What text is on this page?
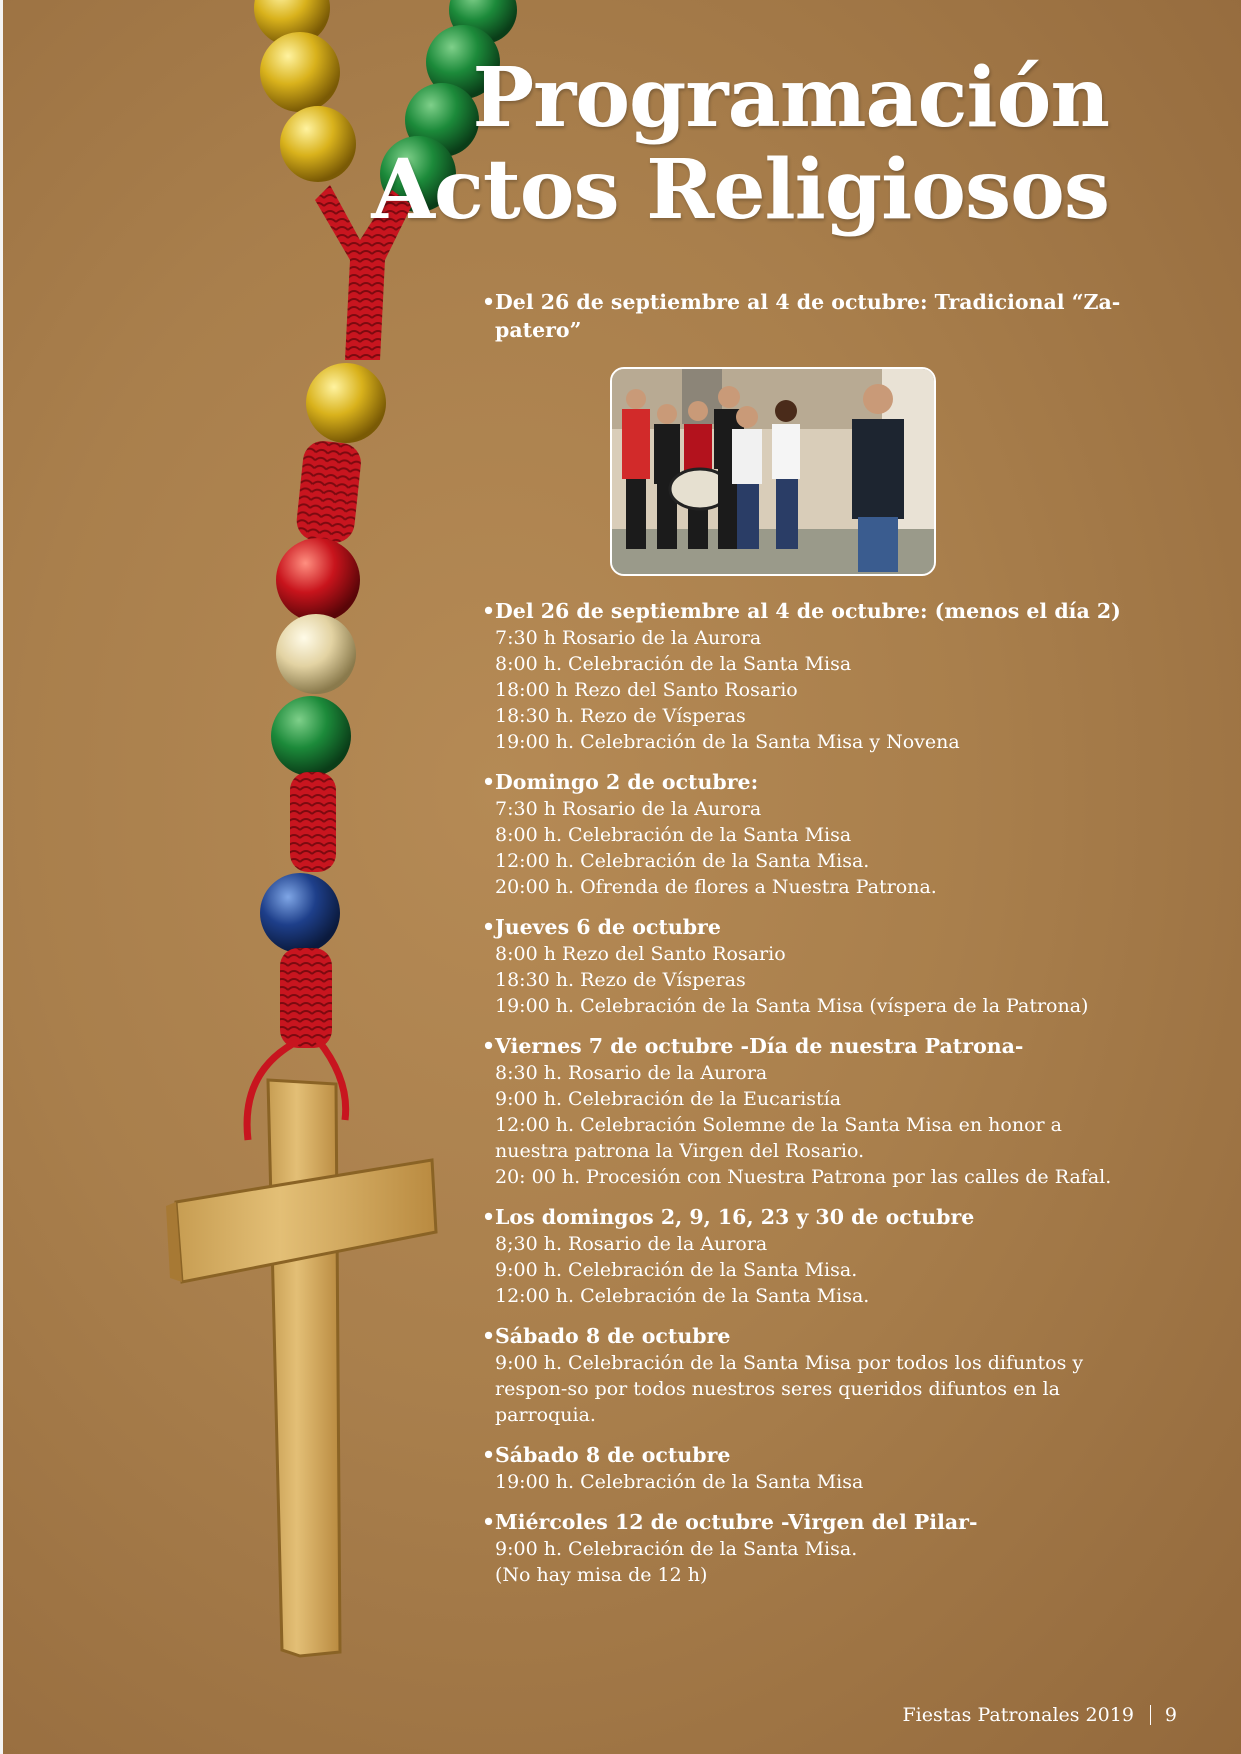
Programación
Actos Religiosos

•Del 26 de septiembre al 4 de octubre: Tradicional “Za-patero”

•Del 26 de septiembre al 4 de octubre: (menos el día 2)

7:30 h Rosario de la Aurora

8:00 h. Celebración de la Santa Misa

18:00 h Rezo del Santo Rosario

18:30 h. Rezo de Vísperas

19:00 h. Celebración de la Santa Misa y Novena

•Domingo 2 de octubre:

7:30 h Rosario de la Aurora

8:00 h. Celebración de la Santa Misa

12:00 h. Celebración de la Santa Misa.

20:00 h. Ofrenda de flores a Nuestra Patrona.

•Jueves 6 de octubre

8:00 h Rezo del Santo Rosario

18:30 h. Rezo de Vísperas

19:00 h. Celebración de la Santa Misa (víspera de la Patrona)

•Viernes 7 de octubre -Día de nuestra Patrona-

8:30 h. Rosario de la Aurora

9:00 h. Celebración de la Eucaristía

12:00 h. Celebración Solemne de la Santa Misa en honor a nuestra patrona la Virgen del Rosario.

20: 00 h. Procesión con Nuestra Patrona por las calles de Rafal.

•Los domingos 2, 9, 16, 23 y 30 de octubre

8;30 h. Rosario de la Aurora

9:00 h. Celebración de la Santa Misa.

12:00 h. Celebración de la Santa Misa.

•Sábado 8 de octubre

9:00 h. Celebración de la Santa Misa por todos los difuntos y respon-so por todos nuestros seres queridos difuntos en la parroquia.

•Sábado 8 de octubre

19:00 h. Celebración de la Santa Misa

•Miércoles 12 de octubre -Virgen del Pilar-

9:00 h. Celebración de la Santa Misa.

(No hay misa de 12 h)

Fiestas Patronales 2019 9
